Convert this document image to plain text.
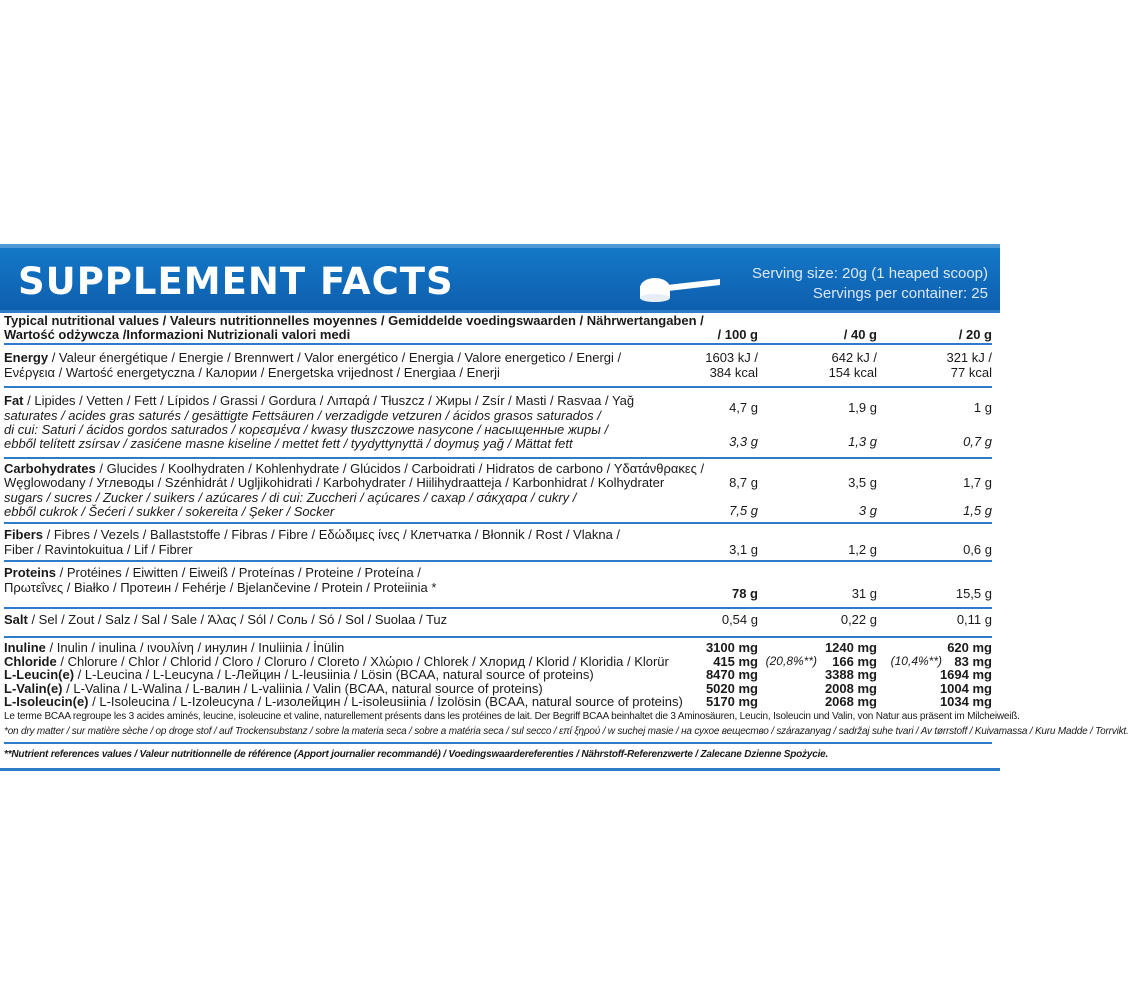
SUPPLEMENT FACTS	Serving size: 20g (1 heaped scoop)
Servings per container: 25
Typical nutritional values / Valeurs nutritionnelles moyennes / Gemiddelde voedingswaarden / Nährwertangaben /
Wartość odżywcza /Informazioni Nutrizionali valori medi	/ 100 g	/ 40 g	/ 20 g
Energy / Valeur énergétique / Energie / Brennwert / Valor energético / Energia / Valore energetico / Energi /	1603 kJ /	642 kJ /	321 kJ /
Ενέργεια / Wartość energetyczna / Калории / Energetska vrijednost / Energiaa / Enerji	384 kcal	154 kcal	77 kcal
Fat / Lipides / Vetten / Fett / Lípidos / Grassi / Gordura / Λιπαρά / Tłuszcz / Жиры / Zsír / Masti / Rasvaa / Yağ
saturates / acides gras saturés / gesättigte Fettsäuren / verzadigde vetzuren / ácidos grasos saturados /
di cui: Saturi / ácidos gordos saturados / κορεσμένα / kwasy tłuszczowe nasycone / насыщенные жиры /
ebből telített zsírsav / zasićene masne kiseline / mettet fett / tyydyttynyttä / doymuş yağ / Mättat fett
4,7 g	1,9 g	1 g
3,3 g	1,3 g	0,7 g
Carbohydrates / Glucides / Koolhydraten / Kohlenhydrate / Glúcidos / Carboidrati / Hidratos de carbono / Υδατάνθρακες /
Węglowodany / Углеводы / Szénhidrát / Ugljikohidrati / Karbohydrater / Hiilihydraatteja / Karbonhidrat / Kolhydrater
sugars / sucres / Zucker / suikers / azúcares / di cui: Zuccheri / açúcares / сахар / σάκχαρα / cukry /
ebből cukrok / Šećeri / sukker / sokereita / Şeker / Socker
8,7 g	3,5 g	1,7 g
7,5 g	3 g	1,5 g
Fibers / Fibres / Vezels / Ballaststoffe / Fibras / Fibre / Εδώδιμες ίνες / Клетчатка / Błonnik / Rost / Vlakna /
Fiber / Ravintokuitua / Lif / Fibrer	3,1 g	1,2 g	0,6 g
Proteins / Protéines / Eiwitten / Eiweiß / Proteínas / Proteine / Proteína /
Πρωτεΐνες / Białko / Протеин / Fehérje / Bjelančevine / Protein / Proteiinia *	78 g	31 g	15,5 g
Salt / Sel / Zout / Salz / Sal / Sale / Άλας / Sól / Соль / Só / Sol / Suolaa / Tuz	0,54 g	0,22 g	0,11 g
Inuline / Inulin / inulina / ινουλίνη / инулин / Inuliinia / İnülin	3100 mg	1240 mg	620 mg
Chloride / Chlorure / Chlor / Chlorid / Cloro / Cloruro / Cloreto / Χλώριο / Chlorek / Хлорид / Klorid / Kloridia / Klorür	415 mg (20,8%**) 166 mg (10,4%**) 83 mg
L-Leucin(e) / L-Leucina / L-Leucyna / L-Лейцин / L-leusiinia / Lösin (BCAA, natural source of proteins)	8470 mg	3388 mg	1694 mg
L-Valin(e) / L-Valina / L-Walina / L-валин / L-valiinia / Valin (BCAA, natural source of proteins)	5020 mg	2008 mg	1004 mg
L-Isoleucin(e) / L-Isoleucina / L-Izoleucyna / L-изолейцин / L-isoleusiinia / İzolösin (BCAA, natural source of proteins) 5170 mg	2068 mg	1034 mg
Le terme BCAA regroupe les 3 acides aminés, leucine, isoleucine et valine, naturellement présents dans les protéines de lait. Der Begriff BCAA beinhaltet die 3 Aminosäuren, Leucin, Isoleucin und Valin, von Natur aus präsent im Milcheiweiß.
*on dry matter / sur matière sèche / op droge stof / auf Trockensubstanz / sobre la materia seca / sobre a matéria seca / sul secco / επί ξηρού / w suchej masie / на сухое вещество / szárazanyag / sadržaj suhe tvari / Av tørrstoff / Kuivamassa / Kuru Madde / Torrvikt.
**Nutrient references values / Valeur nutritionnelle de référence (Apport journalier recommandé) / Voedingswaardereferenties / Nährstoff-Referenzwerte / Zalecane Dzienne Spożycie.
